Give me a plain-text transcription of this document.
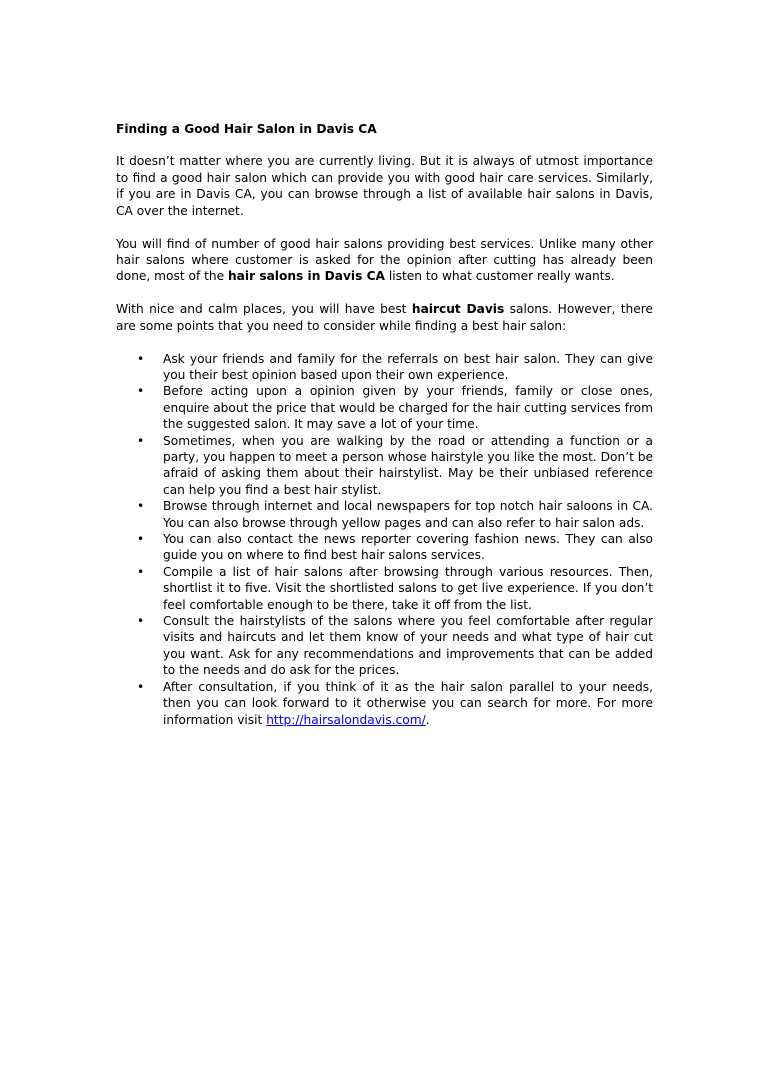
Finding a Good Hair Salon in Davis CA

It doesn’t matter where you are currently living. But it is always of utmost importance to find a good hair salon which can provide you with good hair care services. Similarly, if you are in Davis CA, you can browse through a list of available hair salons in Davis, CA over the internet.

You will find of number of good hair salons providing best services. Unlike many other hair salons where customer is asked for the opinion after cutting has already been done, most of the hair salons in Davis CA listen to what customer really wants.

With nice and calm places, you will have best haircut Davis salons. However, there are some points that you need to consider while finding a best hair salon:

• Ask your friends and family for the referrals on best hair salon. They can give you their best opinion based upon their own experience.
• Before acting upon a opinion given by your friends, family or close ones, enquire about the price that would be charged for the hair cutting services from the suggested salon. It may save a lot of your time.
• Sometimes, when you are walking by the road or attending a function or a party, you happen to meet a person whose hairstyle you like the most. Don’t be afraid of asking them about their hairstylist. May be their unbiased reference can help you find a best hair stylist.
• Browse through internet and local newspapers for top notch hair saloons in CA. You can also browse through yellow pages and can also refer to hair salon ads.
• You can also contact the news reporter covering fashion news. They can also guide you on where to find best hair salons services.
• Compile a list of hair salons after browsing through various resources. Then, shortlist it to five. Visit the shortlisted salons to get live experience. If you don’t feel comfortable enough to be there, take it off from the list.
• Consult the hairstylists of the salons where you feel comfortable after regular visits and haircuts and let them know of your needs and what type of hair cut you want. Ask for any recommendations and improvements that can be added to the needs and do ask for the prices.
• After consultation, if you think of it as the hair salon parallel to your needs, then you can look forward to it otherwise you can search for more. For more information visit http://hairsalondavis.com/.
